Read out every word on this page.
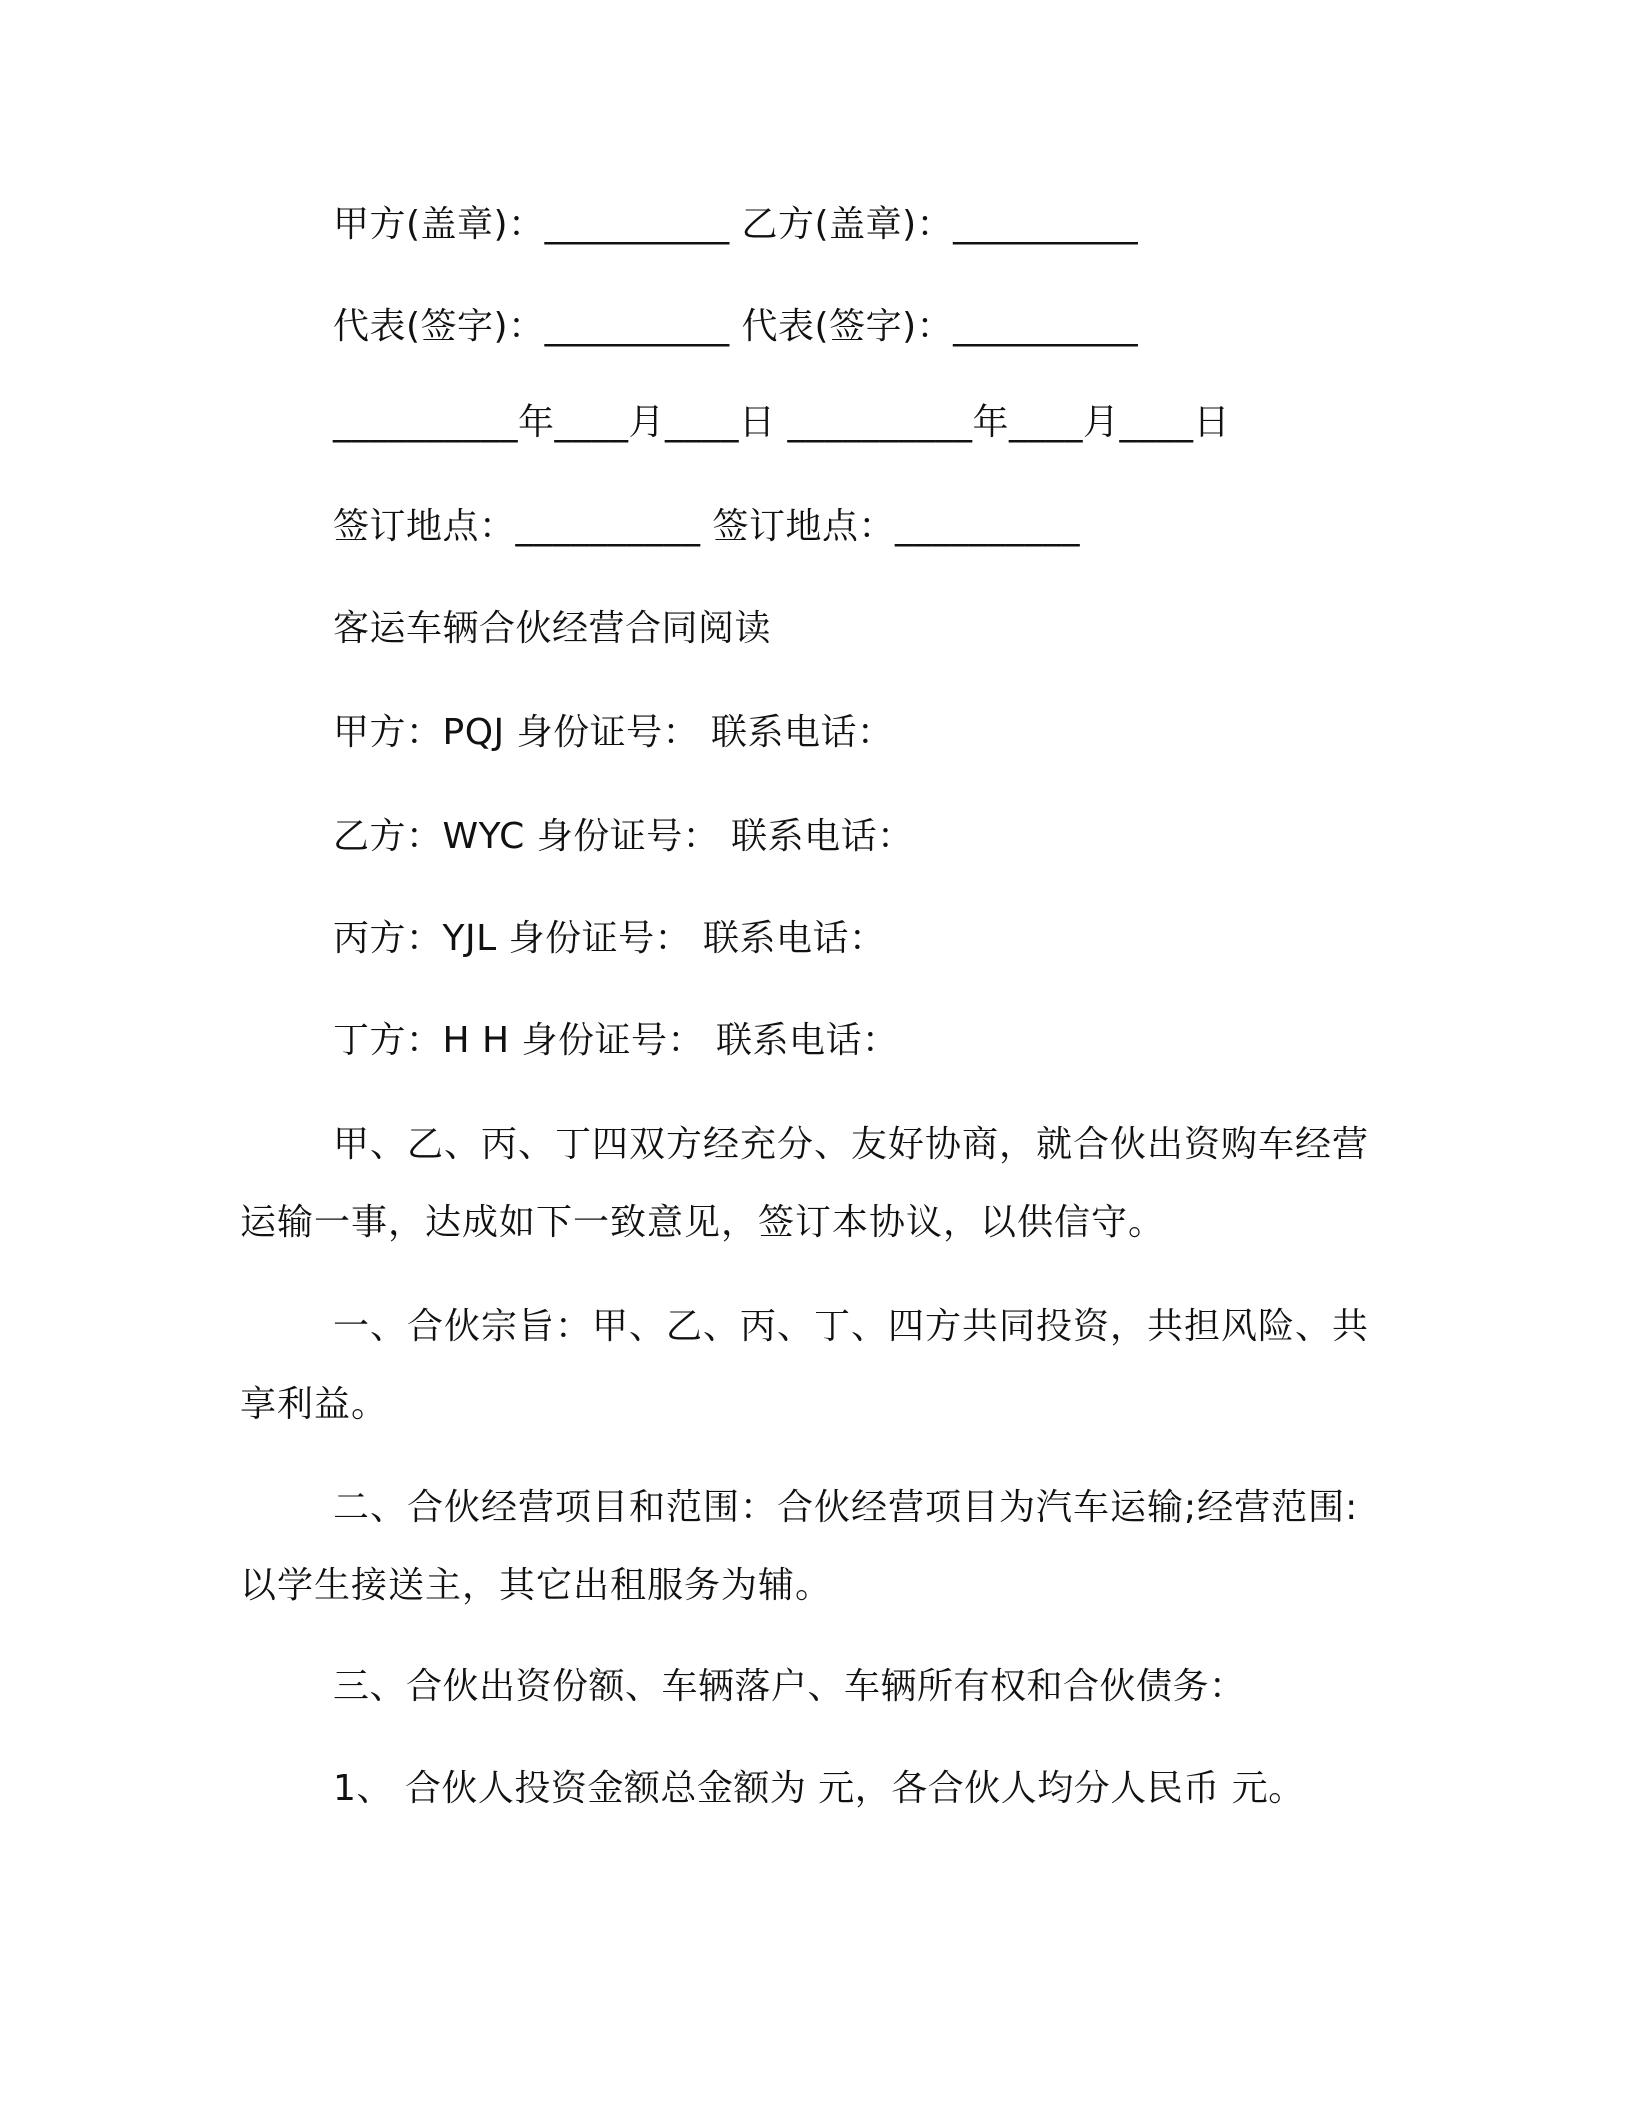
甲方(盖章)：__________ 乙方(盖章)：__________
代表(签字)：__________ 代表(签字)：__________
__________年____月____日 __________年____月____日
签订地点：__________ 签订地点：__________
客运车辆合伙经营合同阅读
甲方：PQJ 身份证号： 联系电话：
乙方：WYC 身份证号： 联系电话：
丙方：YJL 身份证号： 联系电话：
丁方：H H 身份证号： 联系电话：
甲、乙、丙、丁四双方经充分、友好协商，就合伙出资购车经营运输一事，达成如下一致意见，签订本协议，以供信守。
一、合伙宗旨：甲、乙、丙、丁、四方共同投资，共担风险、共享利益。
二、合伙经营项目和范围：合伙经营项目为汽车运输;经营范围:以学生接送主，其它出租服务为辅。
三、合伙出资份额、车辆落户、车辆所有权和合伙债务：
1、 合伙人投资金额总金额为 元，各合伙人均分人民币 元。
